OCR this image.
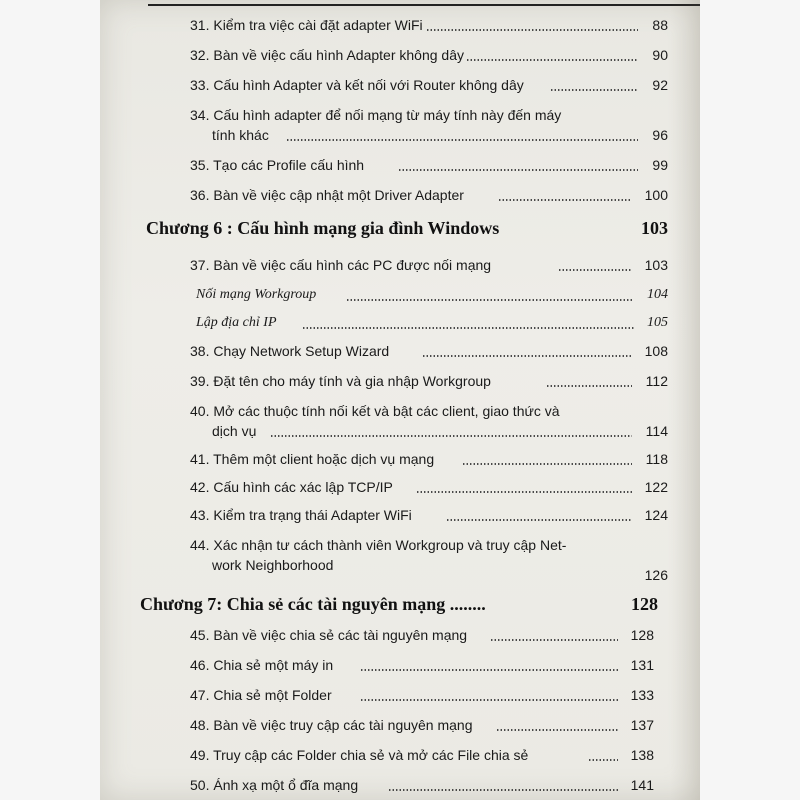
31. Kiểm tra việc cài đặt adapter WiFi	88
32. Bàn về việc cấu hình Adapter không dây	90
33. Cấu hình Adapter và kết nối với Router không dây	92
34. Cấu hình adapter để nối mạng từ máy tính này đến máy
tính khác	96
35. Tạo các Profile cấu hình	99
36. Bàn về việc cập nhật một Driver Adapter	100
Chương 6 : Cấu hình mạng gia đình Windows	103
37. Bàn về việc cấu hình các PC được nối mạng	103
Nối mạng Workgroup	104
Lập địa chỉ IP	105
38. Chạy Network Setup Wizard	108
39. Đặt tên cho máy tính và gia nhập Workgroup	112
40. Mở các thuộc tính nối kết và bật các client, giao thức và
dịch vụ	114
41. Thêm một client hoặc dịch vụ mạng	118
42. Cấu hình các xác lập TCP/IP	122
43. Kiểm tra trạng thái Adapter WiFi	124
44. Xác nhận tư cách thành viên Workgroup và truy cập Net-
work Neighborhood
126
Chương 7: Chia sẻ các tài nguyên mạng ........	128
45. Bàn về việc chia sẻ các tài nguyên mạng	128
46. Chia sẻ một máy in	131
47. Chia sẻ một Folder	133
48. Bàn về việc truy cập các tài nguyên mạng	137
49. Truy cập các Folder chia sẻ và mở các File chia sẻ	138
50. Ánh xạ một ổ đĩa mạng	141
